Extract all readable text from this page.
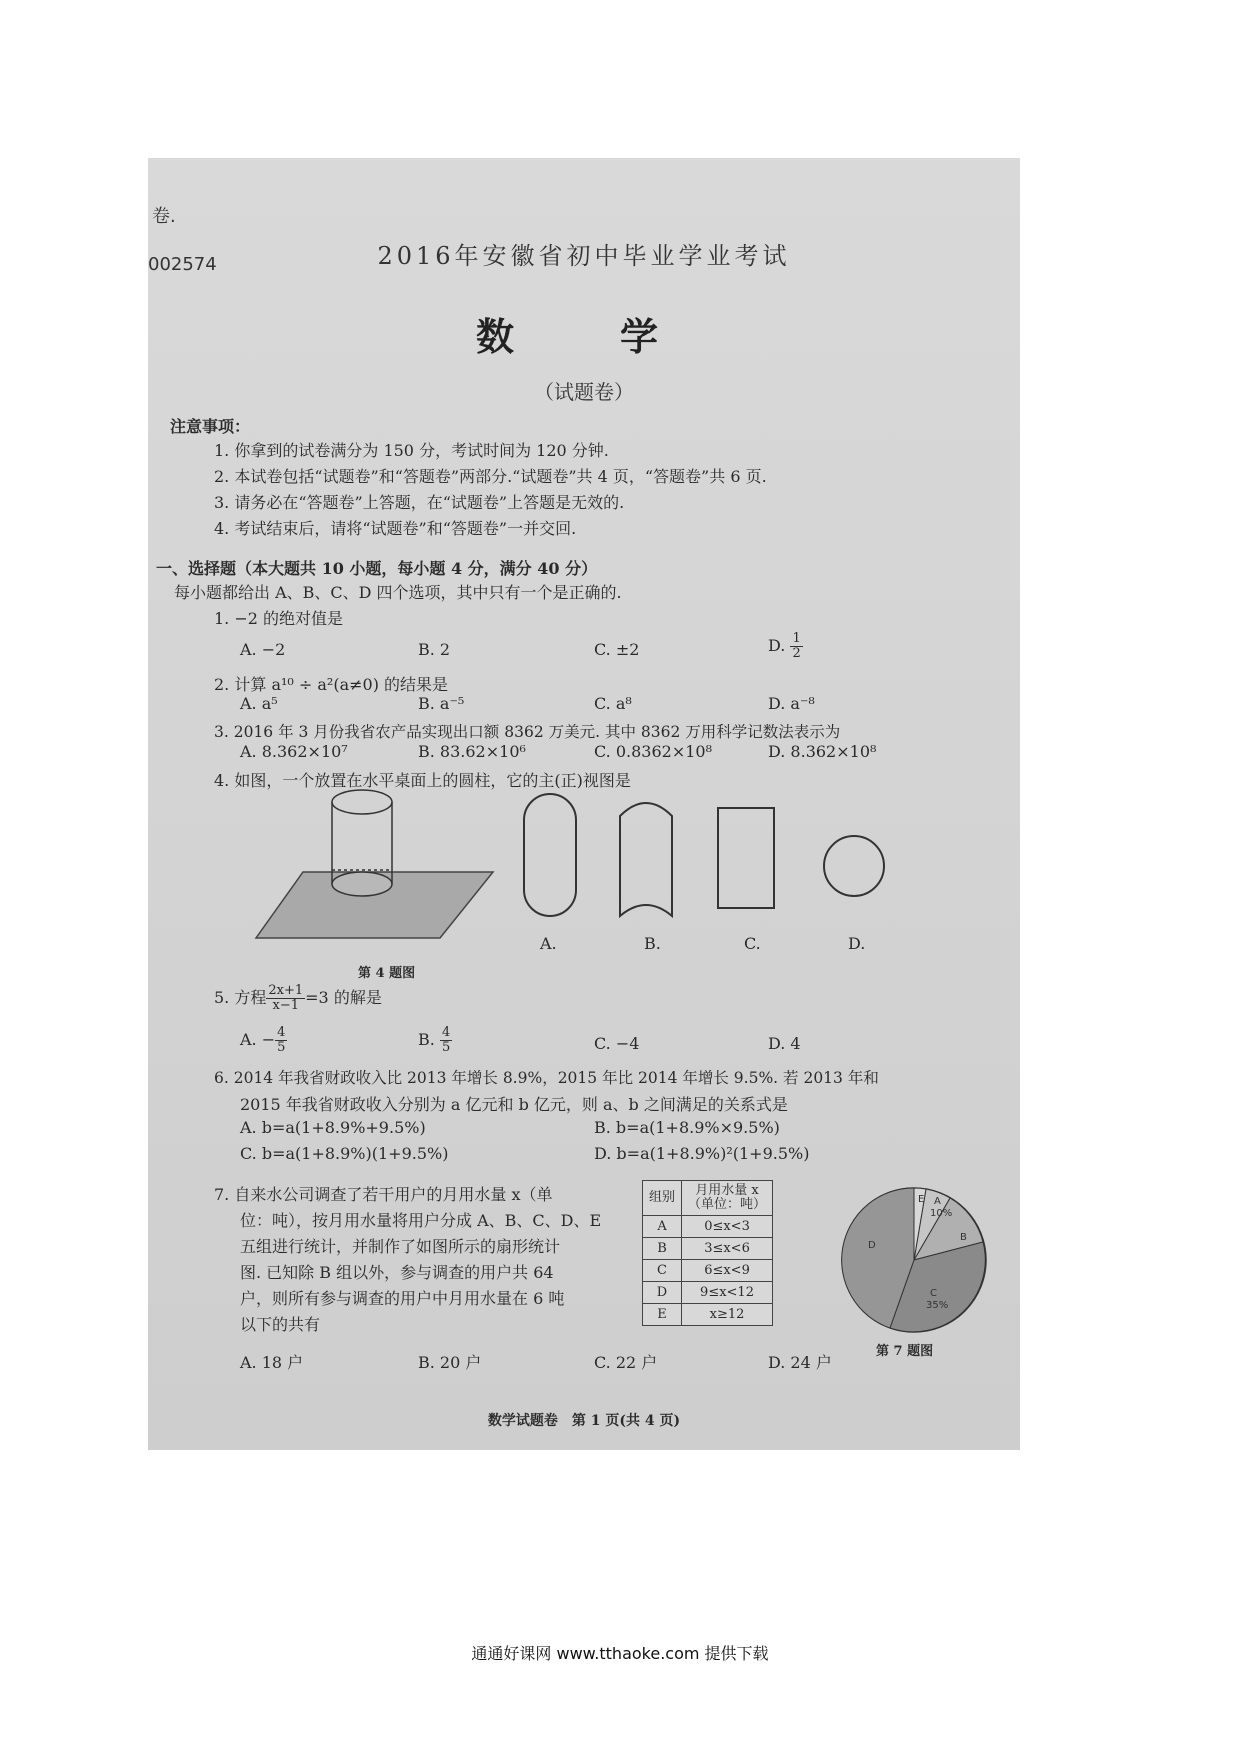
卷.
002574	2016年安徽省初中毕业学业考试
数　学
（试题卷）
注意事项：
1. 你拿到的试卷满分为 150 分，考试时间为 120 分钟.
2. 本试卷包括“试题卷”和“答题卷”两部分.“试题卷”共 4 页，“答题卷”共 6 页.
3. 请务必在“答题卷”上答题，在“试题卷”上答题是无效的.
4. 考试结束后，请将“试题卷”和“答题卷”一并交回.
一、选择题（本大题共 10 小题，每小题 4 分，满分 40 分）
每小题都给出 A、B、C、D 四个选项，其中只有一个是正确的.
1. −2 的绝对值是
A. −2	B. 2	C. ±2	D. $\frac{1}{2}$
2. 计算 a¹⁰ ÷ a²(a≠0) 的结果是
A. a⁵	B. a⁻⁵	C. a⁸	D. a⁻⁸
3. 2016 年 3 月份我省农产品实现出口额 8362 万美元. 其中 8362 万用科学记数法表示为
A. 8.362×10⁷	B. 83.62×10⁶	C. 0.8362×10⁸	D. 8.362×10⁸
4. 如图，一个放置在水平桌面上的圆柱，它的主(正)视图是
A.	B.	C.	D.
第 4 题图
5. 方程 $\frac{2x+1}{x-1} =3$ 的解是
A. − $\frac{4}{5}$	B. $\frac{4}{5}$	C. −4	D. 4
6. 2014 年我省财政收入比 2013 年增长 8.9%，2015 年比 2014 年增长 9.5%. 若 2013 年和
2015 年我省财政收入分别为 a 亿元和 b 亿元，则 a、b 之间满足的关系式是
A. b=a(1+8.9%+9.5%)	B. b=a(1+8.9%×9.5%)
C. b=a(1+8.9%)(1+9.5%)	D. b=a(1+8.9%)²(1+9.5%)
7. 自来水公司调查了若干用户的月用水量 x（单
位：吨），按月用水量将用户分成 A、B、C、D、E
五组进行统计，并制作了如图所示的扇形统计
图. 已知除 B 组以外，参与调查的用户共 64
户，则所有参与调查的用户中月用水量在 6 吨
以下的共有
组别	月用水量 x
（单位：吨）

A	0≤x<3
B	3≤x<6
C	6≤x<9
D	9≤x<12
E	x≥12
E A
10%
B
D
C
35%
第 7 题图
A. 18 户	B. 20 户	C. 22 户	D. 24 户
数学试题卷　第 1 页(共 4 页)
通通好课网 www.tthaoke.com 提供下载
